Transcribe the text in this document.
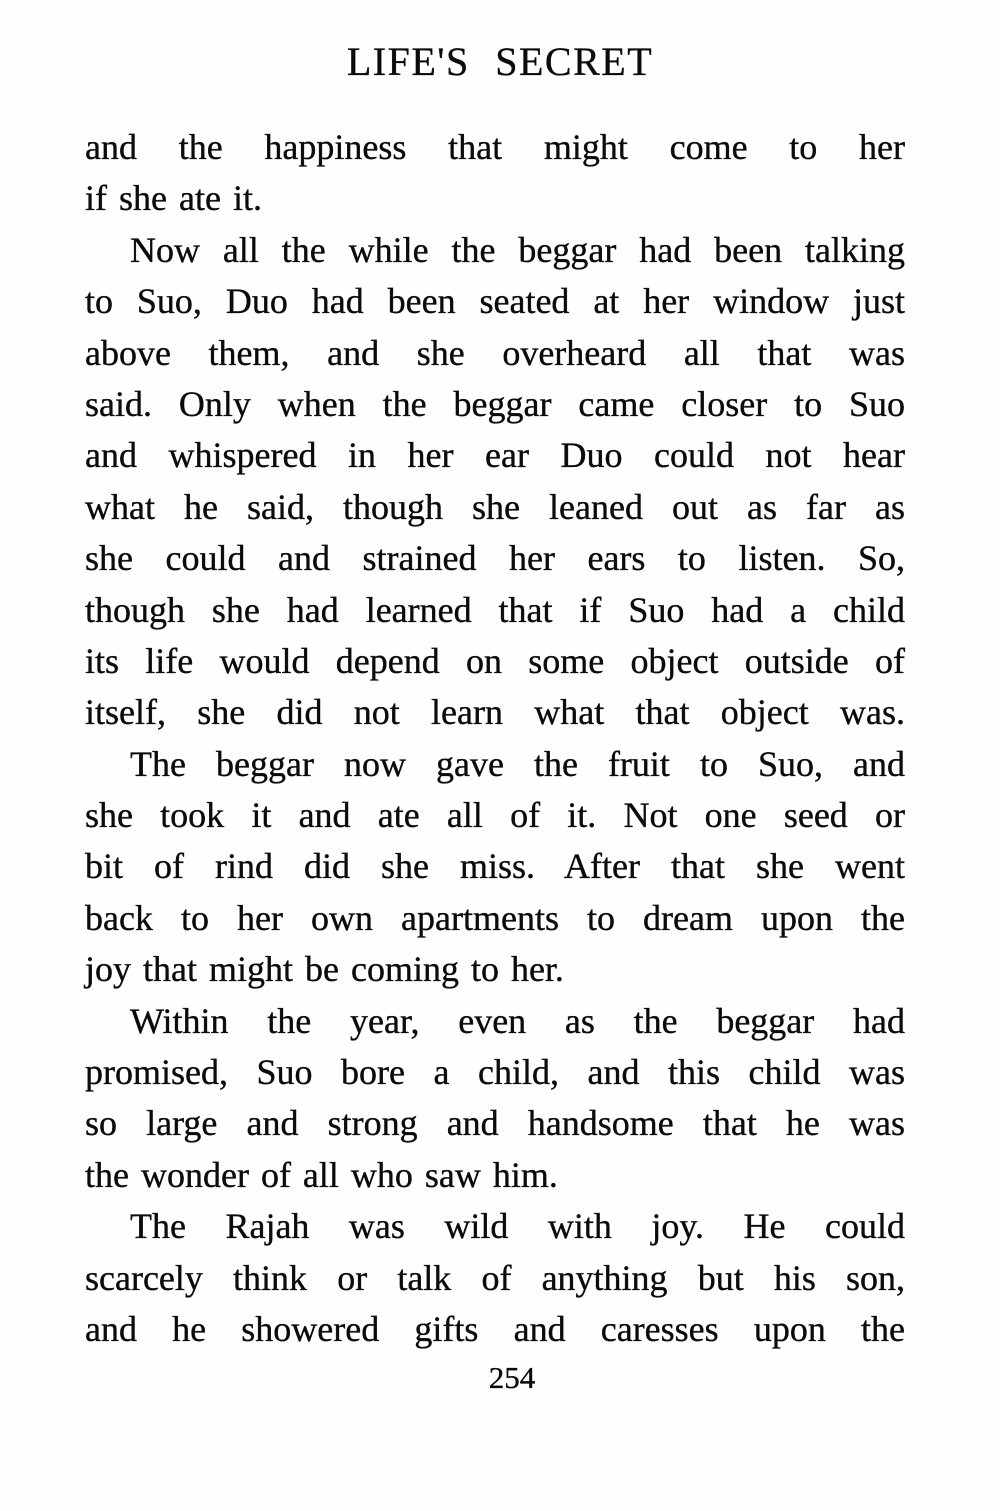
LIFE'S SECRET
and the happiness that might come to her
if she ate it.
Now all the while the beggar had been talking
to Suo, Duo had been seated at her window just
above them, and she overheard all that was
said. Only when the beggar came closer to Suo
and whispered in her ear Duo could not hear
what he said, though she leaned out as far as
she could and strained her ears to listen. So,
though she had learned that if Suo had a child
its life would depend on some object outside of
itself, she did not learn what that object was.
The beggar now gave the fruit to Suo, and
she took it and ate all of it. Not one seed or
bit of rind did she miss. After that she went
back to her own apartments to dream upon the
joy that might be coming to her.
Within the year, even as the beggar had
promised, Suo bore a child, and this child was
so large and strong and handsome that he was
the wonder of all who saw him.
The Rajah was wild with joy. He could
scarcely think or talk of anything but his son,
and he showered gifts and caresses upon the
254
